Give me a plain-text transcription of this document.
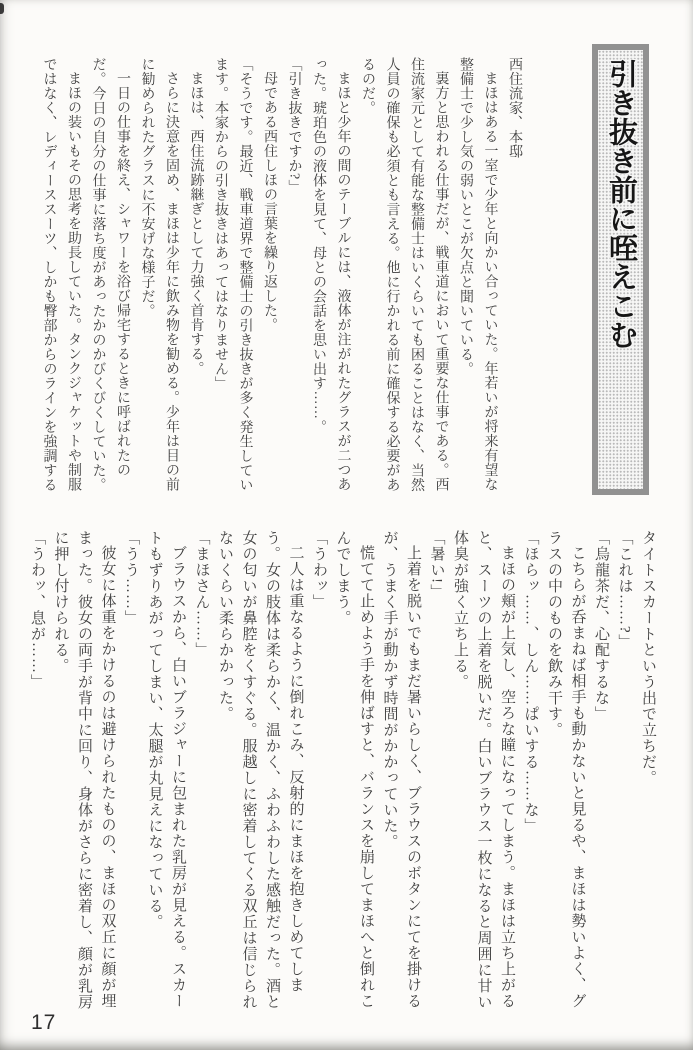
引き抜き前に咥えこむ

西住流家、本邸

まほはある一室で少年と向かい合っていた。年若いが将来有望な整備士で少し気の弱いとこが欠点と聞いている。

裏方と思われる仕事だが、戦車道において重要な仕事である。西住流家元として有能な整備士はいくらいても困ることはなく、当然人員の確保も必須とも言える。他に行かれる前に確保する必要があるのだ。

まほと少年の間のテーブルには、液体が注がれたグラスが二つあった。琥珀色の液体を見て、母との会話を思い出す……。

「引き抜きですか?」

母である西住しほの言葉を繰り返した。

「そうです。最近、戦車道界で整備士の引き抜きが多く発生しています。本家からの引き抜きはあってはなりません」

まほは、西住流跡継ぎとして力強く首肯する。

さらに決意を固め、まほは少年に飲み物を勧める。少年は目の前に勧められたグラスに不安げな様子だ。

一日の仕事を終え、シャワーを浴び帰宅するときに呼ばれたのだ。今日の自分の仕事に落ち度があったかのかびくびくしていた。

まほの装いもその思考を助長していた。タンクジャケットや制服ではなく、レディーススーツ、しかも臀部からのラインを強調する

タイトスカートという出で立ちだ。

「これは……?」

「烏龍茶だ、心配するな」

こちらが呑まねば相手も動かないと見るや、まほは勢いよく、グラスの中のものを飲み干す。

「ほらッ……、しん……ぱいする……な」

まほの頬が上気し、空ろな瞳になってしまう。まほは立ち上がると、スーツの上着を脱いだ。白いブラウス一枚になると周囲に甘い体臭が強く立ち上る。

「暑い!」

上着を脱いでもまだ暑いらしく、ブラウスのボタンにてを掛けるが、うまく手が動かず時間がかかっていた。

慌てて止めよう手を伸ばすと、バランスを崩してまほへと倒れこんでしまう。

「うわッ」

二人は重なるように倒れこみ、反射的にまほを抱きしめてしまう。女の肢体は柔らかく、温かく、ふわふわした感触だった。酒と女の匂いが鼻腔をくすぐる。服越しに密着してくる双丘は信じられないくらい柔らかかった。

「まほさん……」

ブラウスから、白いブラジャーに包まれた乳房が見える。スカートもずりあがってしまい、太腿が丸見えになっている。

「うう……」

彼女に体重をかけるのは避けられたものの、まほの双丘に顔が埋まった。彼女の両手が背中に回り、身体がさらに密着し、顔が乳房に押し付けられる。

「うわッ、息が……」

17
